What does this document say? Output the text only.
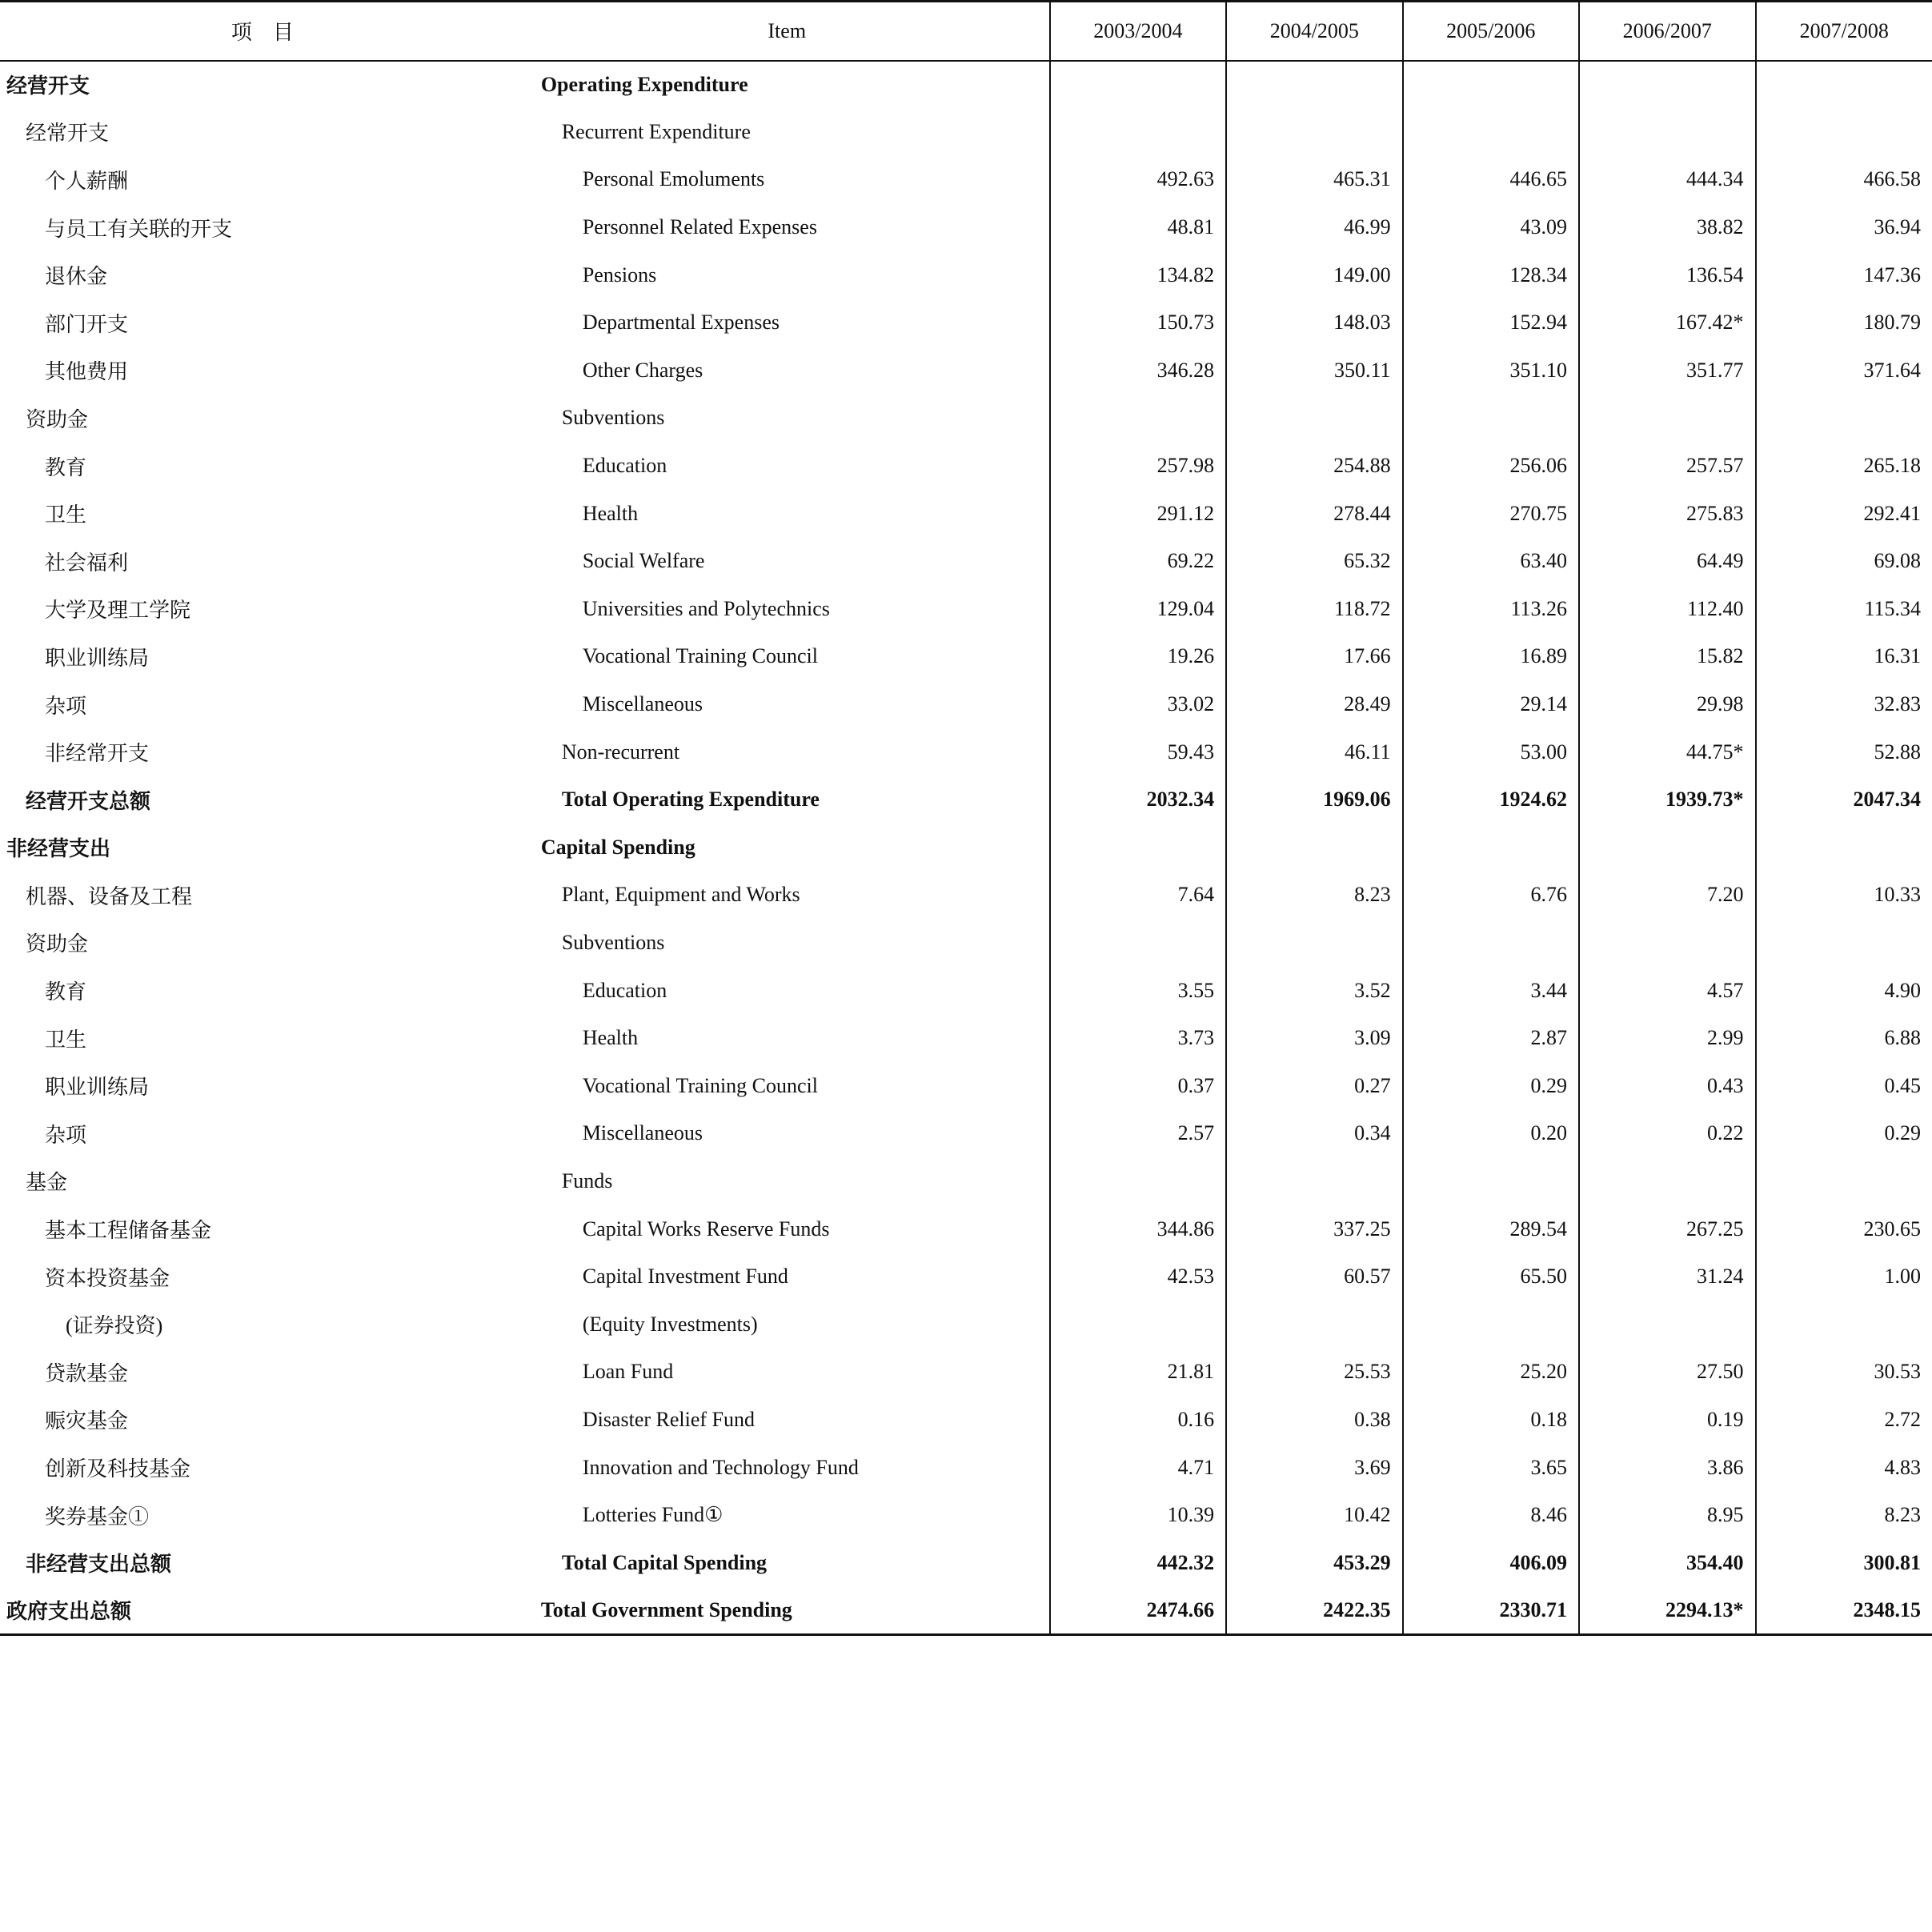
项　目	Item	2003/2004	2004/2005	2005/2006	2006/2007	2007/2008
经营开支	Operating Expenditure					
经常开支	Recurrent Expenditure					
个人薪酬	Personal Emoluments	492.63	465.31	446.65	444.34	466.58
与员工有关联的开支	Personnel Related Expenses	48.81	46.99	43.09	38.82	36.94
退休金	Pensions	134.82	149.00	128.34	136.54	147.36
部门开支	Departmental Expenses	150.73	148.03	152.94	167.42*	180.79
其他费用	Other Charges	346.28	350.11	351.10	351.77	371.64
资助金	Subventions					
教育	Education	257.98	254.88	256.06	257.57	265.18
卫生	Health	291.12	278.44	270.75	275.83	292.41
社会福利	Social Welfare	69.22	65.32	63.40	64.49	69.08
大学及理工学院	Universities and Polytechnics	129.04	118.72	113.26	112.40	115.34
职业训练局	Vocational Training Council	19.26	17.66	16.89	15.82	16.31
杂项	Miscellaneous	33.02	28.49	29.14	29.98	32.83
非经常开支	Non-recurrent	59.43	46.11	53.00	44.75*	52.88
经营开支总额	Total Operating Expenditure	2032.34	1969.06	1924.62	1939.73*	2047.34
非经营支出	Capital Spending					
机器、设备及工程	Plant, Equipment and Works	7.64	8.23	6.76	7.20	10.33
资助金	Subventions					
教育	Education	3.55	3.52	3.44	4.57	4.90
卫生	Health	3.73	3.09	2.87	2.99	6.88
职业训练局	Vocational Training Council	0.37	0.27	0.29	0.43	0.45
杂项	Miscellaneous	2.57	0.34	0.20	0.22	0.29
基金	Funds					
基本工程储备基金	Capital Works Reserve Funds	344.86	337.25	289.54	267.25	230.65
资本投资基金	Capital Investment Fund	42.53	60.57	65.50	31.24	1.00
(证券投资)	(Equity Investments)					
贷款基金	Loan Fund	21.81	25.53	25.20	27.50	30.53
赈灾基金	Disaster Relief Fund	0.16	0.38	0.18	0.19	2.72
创新及科技基金	Innovation and Technology Fund	4.71	3.69	3.65	3.86	4.83
奖券基金①	Lotteries Fund①	10.39	10.42	8.46	8.95	8.23
非经营支出总额	Total Capital Spending	442.32	453.29	406.09	354.40	300.81
政府支出总额	Total Government Spending	2474.66	2422.35	2330.71	2294.13*	2348.15
